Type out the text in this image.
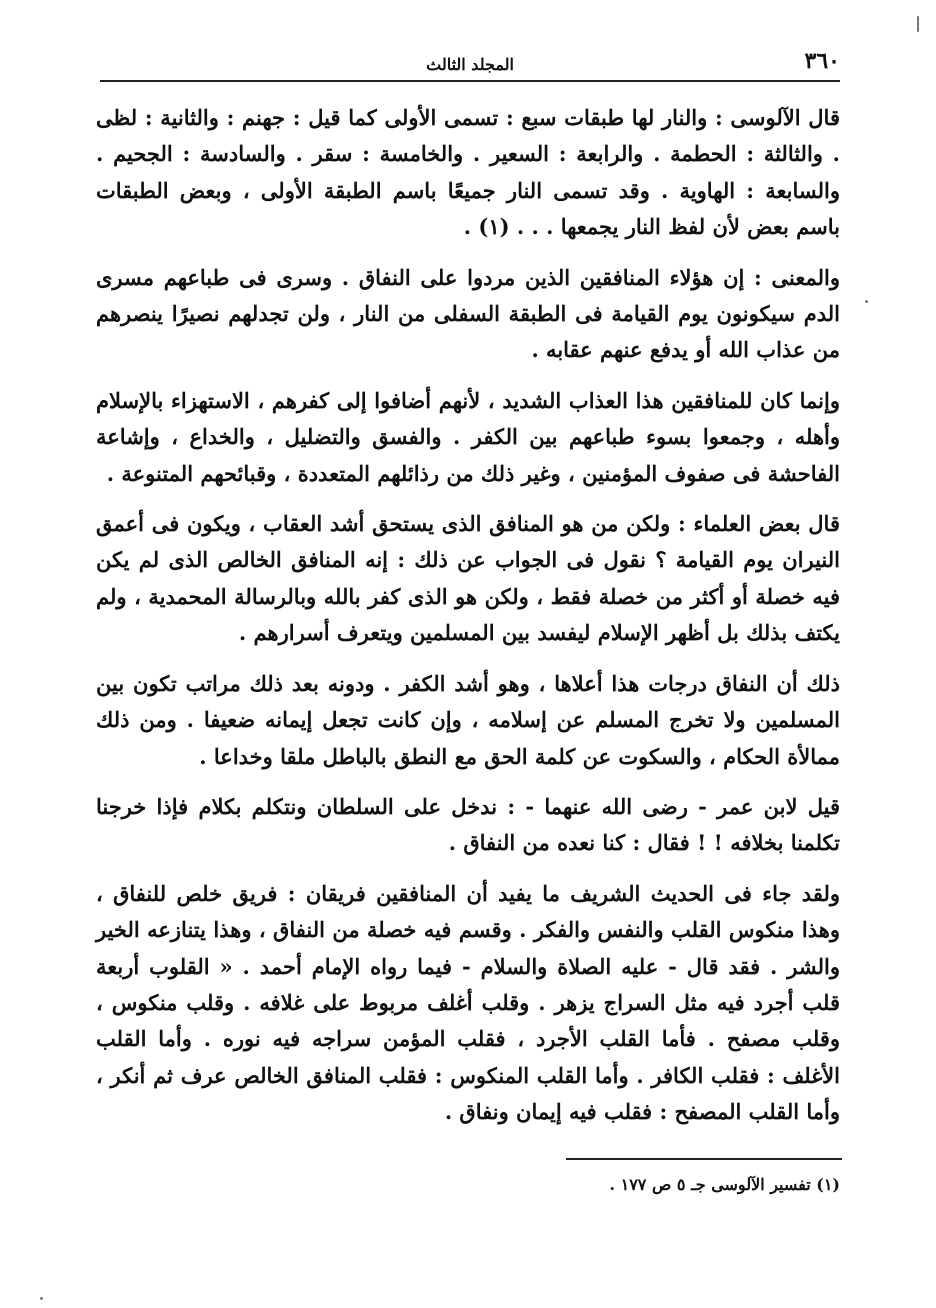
٣٦٠
المجلد الثالث

قال الآلوسى : والنار لها طبقات سبع : تسمى الأولى كما قيل : جهنم : والثانية : لظى . والثالثة : الحطمة . والرابعة : السعير . والخامسة : سقر . والسادسة : الجحيم . والسابعة : الهاوية . وقد تسمى النار جميعًا باسم الطبقة الأولى ، وبعض الطبقات باسم بعض لأن لفظ النار يجمعها . . . (١) .

والمعنى : إن هؤلاء المنافقين الذين مردوا على النفاق . وسرى فى طباعهم مسرى الدم سيكونون يوم القيامة فى الطبقة السفلى من النار ، ولن تجدلهم نصيرًا ينصرهم من عذاب الله أو يدفع عنهم عقابه .

وإنما كان للمنافقين هذا العذاب الشديد ، لأنهم أضافوا إلى كفرهم ، الاستهزاء بالإسلام وأهله ، وجمعوا بسوء طباعهم بين الكفر . والفسق والتضليل ، والخداع ، وإشاعة الفاحشة فى صفوف المؤمنين ، وغير ذلك من رذائلهم المتعددة ، وقبائحهم المتنوعة .

قال بعض العلماء : ولكن من هو المنافق الذى يستحق أشد العقاب ، ويكون فى أعمق النيران يوم القيامة ؟ نقول فى الجواب عن ذلك : إنه المنافق الخالص الذى لم يكن فيه خصلة أو أكثر من خصلة فقط ، ولكن هو الذى كفر بالله وبالرسالة المحمدية ، ولم يكتف بذلك بل أظهر الإسلام ليفسد بين المسلمين ويتعرف أسرارهم .

ذلك أن النفاق درجات هذا أعلاها ، وهو أشد الكفر . ودونه بعد ذلك مراتب تكون بين المسلمين ولا تخرج المسلم عن إسلامه ، وإن كانت تجعل إيمانه ضعيفا . ومن ذلك ممالأة الحكام ، والسكوت عن كلمة الحق مع النطق بالباطل ملقا وخداعا .

قيل لابن عمر - رضى الله عنهما - : ندخل على السلطان ونتكلم بكلام فإذا خرجنا تكلمنا بخلافه ! ! فقال : كنا نعده من النفاق .

ولقد جاء فى الحديث الشريف ما يفيد أن المنافقين فريقان : فريق خلص للنفاق ، وهذا منكوس القلب والنفس والفكر . وقسم فيه خصلة من النفاق ، وهذا يتنازعه الخير والشر . فقد قال - عليه الصلاة والسلام - فيما رواه الإمام أحمد . « القلوب أربعة قلب أجرد فيه مثل السراج يزهر . وقلب أغلف مربوط على غلافه . وقلب منكوس ، وقلب مصفح . فأما القلب الأجرد ، فقلب المؤمن سراجه فيه نوره . وأما القلب الأغلف : فقلب الكافر . وأما القلب المنكوس : فقلب المنافق الخالص عرف ثم أنكر ، وأما القلب المصفح : فقلب فيه إيمان ونفاق .

(١) تفسير الآلوسى جـ ٥ ص ١٧٧ .
